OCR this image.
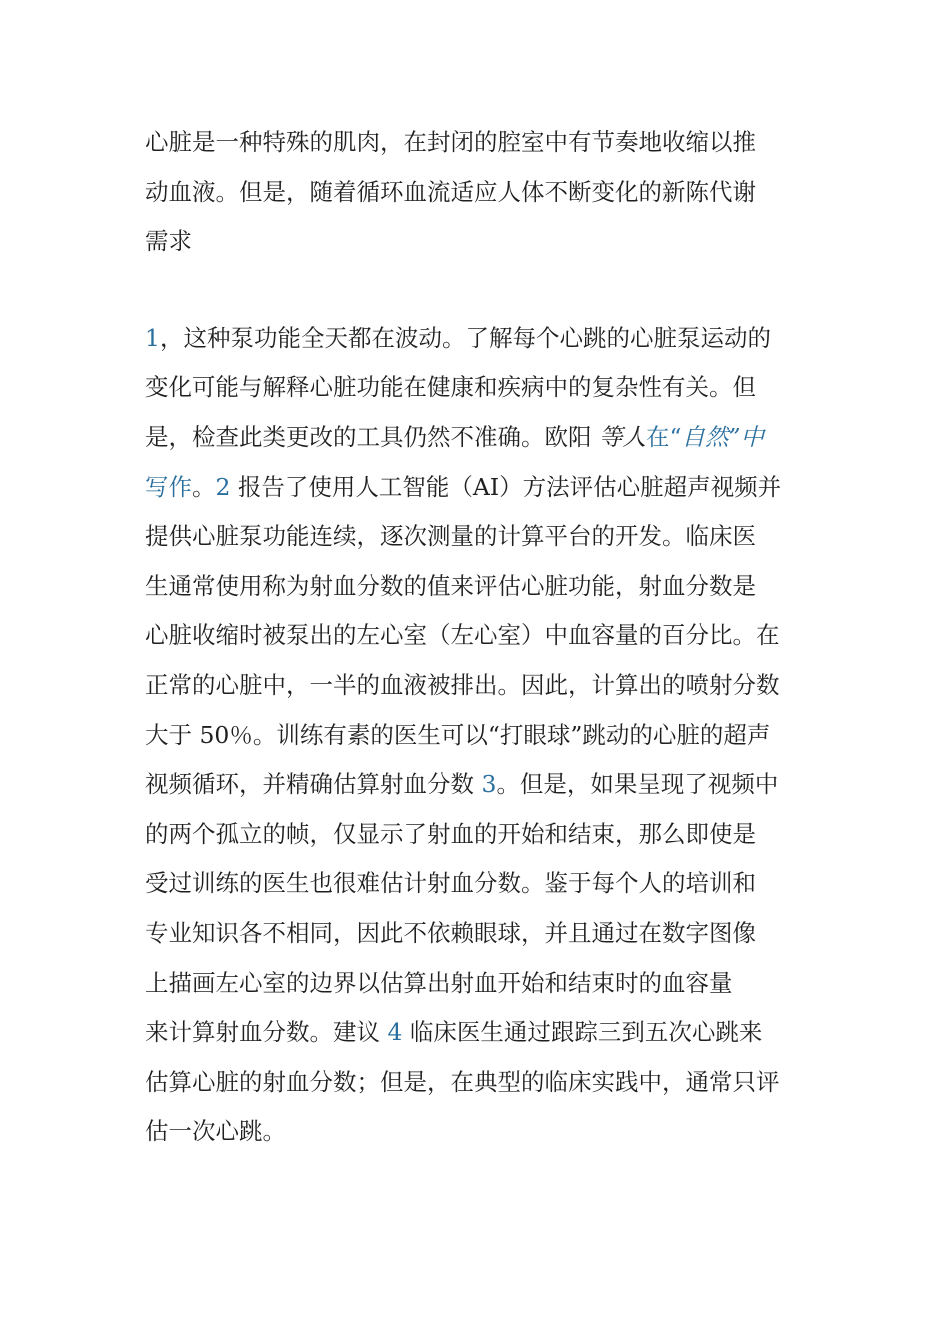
心脏是一种特殊的肌肉，在封闭的腔室中有节奏地收缩以推
动血液。但是，随着循环血流适应人体不断变化的新陈代谢
需求

1，这种泵功能全天都在波动。了解每个心跳的心脏泵运动的
变化可能与解释心脏功能在健康和疾病中的复杂性有关。但
是，检查此类更改的工具仍然不准确。欧阳 等人在“自然”中
写作。2 报告了使用人工智能（AI）方法评估心脏超声视频并
提供心脏泵功能连续，逐次测量的计算平台的开发。临床医
生通常使用称为射血分数的值来评估心脏功能，射血分数是
心脏收缩时被泵出的左心室（左心室）中血容量的百分比。在
正常的心脏中，一半的血液被排出。因此，计算出的喷射分数
大于 50％。训练有素的医生可以“打眼球”跳动的心脏的超声
视频循环，并精确估算射血分数 3。但是，如果呈现了视频中
的两个孤立的帧，仅显示了射血的开始和结束，那么即使是
受过训练的医生也很难估计射血分数。鉴于每个人的培训和
专业知识各不相同，因此不依赖眼球，并且通过在数字图像
上描画左心室的边界以估算出射血开始和结束时的血容量
来计算射血分数。建议 4 临床医生通过跟踪三到五次心跳来
估算心脏的射血分数；但是，在典型的临床实践中，通常只评
估一次心跳。
